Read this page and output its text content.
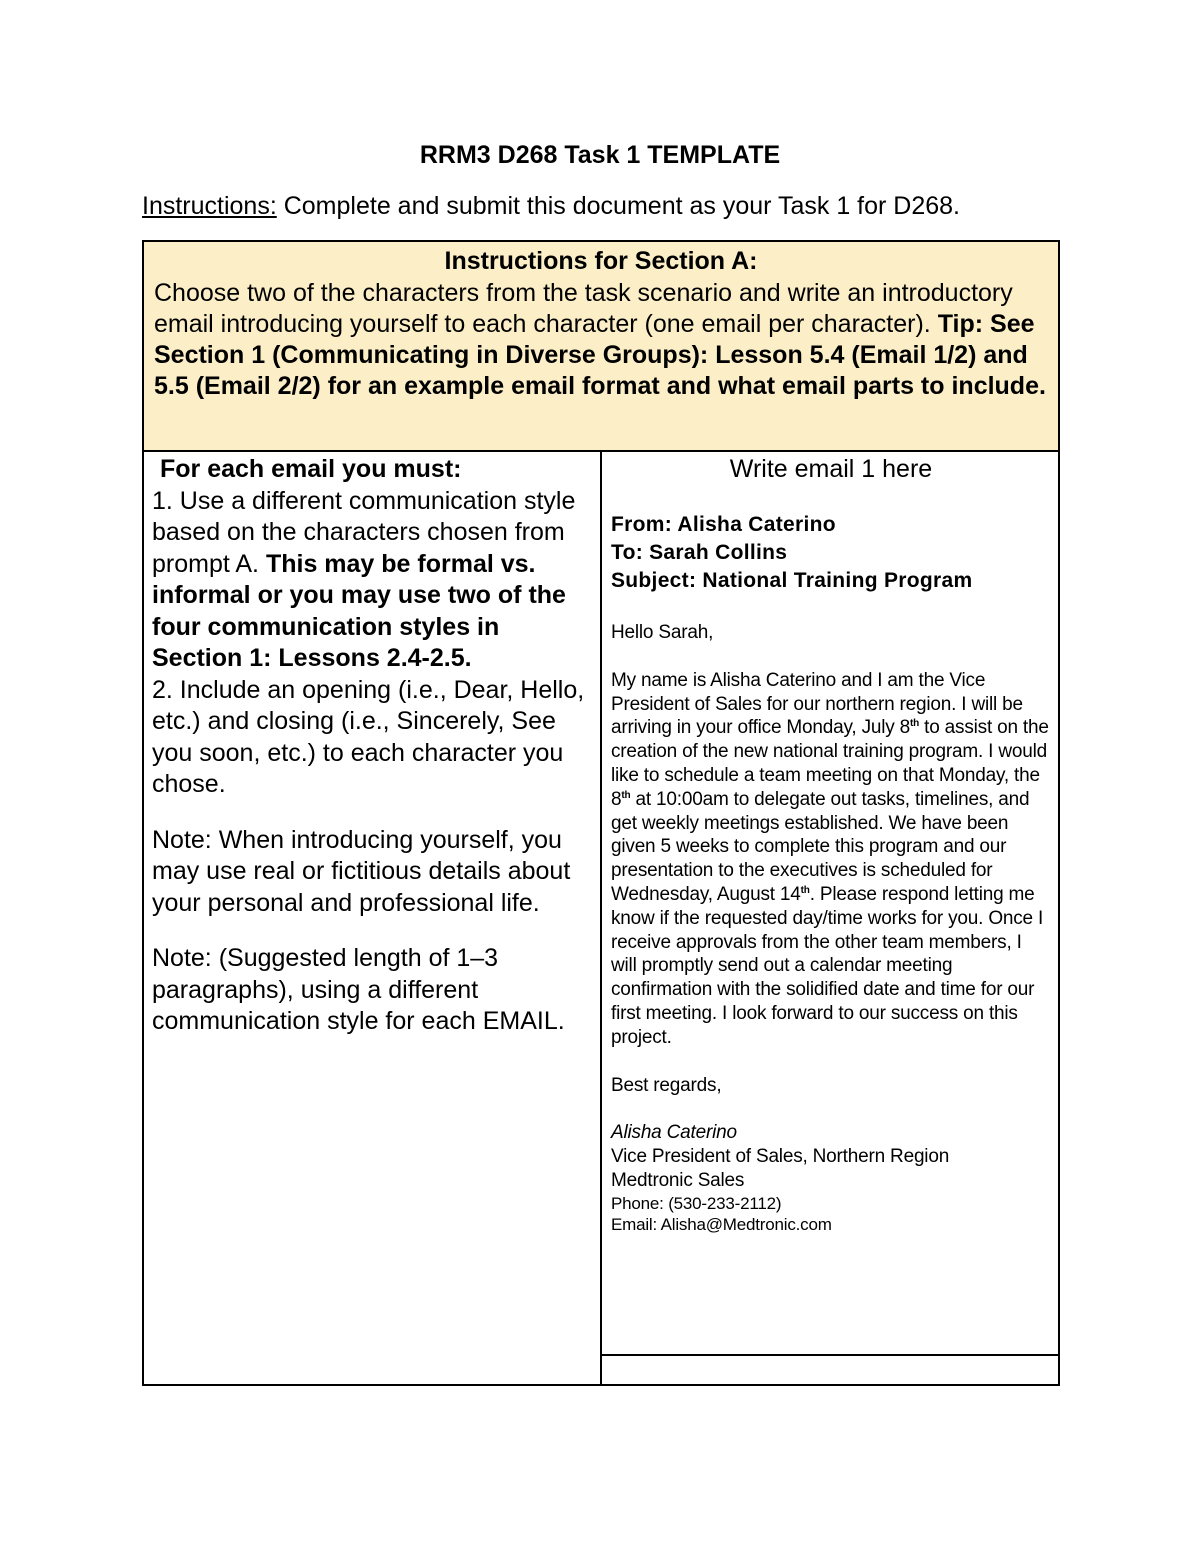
RRM3 D268 Task 1 TEMPLATE
Instructions: Complete and submit this document as your Task 1 for D268.
Instructions for Section A:
Choose two of the characters from the task scenario and write an introductory email introducing yourself to each character (one email per character). Tip: See Section 1 (Communicating in Diverse Groups): Lesson 5.4 (Email 1/2) and 5.5 (Email 2/2) for an example email format and what email parts to include.

For each email you must:

1. Use a different communication style based on the characters chosen from prompt A. This may be formal vs. informal or you may use two of the four communication styles in Section 1: Lessons 2.4-2.5.

2. Include an opening (i.e., Dear, Hello, etc.) and closing (i.e., Sincerely, See you soon, etc.) to each character you chose.

Note: When introducing yourself, you may use real or fictitious details about your personal and professional life.

Note: (Suggested length of 1–3 paragraphs), using a different communication style for each EMAIL.

Write email 1 here
From: Alisha Caterino
To: Sarah Collins
Subject: National Training Program
Hello Sarah,
My name is Alisha Caterino and I am the Vice President of Sales for our northern region. I will be arriving in your office Monday, July 8th to assist on the creation of the new national training program. I would like to schedule a team meeting on that Monday, the 8th at 10:00am to delegate out tasks, timelines, and get weekly meetings established. We have been given 5 weeks to complete this program and our presentation to the executives is scheduled for Wednesday, August 14th. Please respond letting me know if the requested day/time works for you. Once I receive approvals from the other team members, I will promptly send out a calendar meeting confirmation with the solidified date and time for our first meeting. I look forward to our success on this project.
Best regards,
Alisha Caterino
Vice President of Sales, Northern Region
Medtronic Sales
Phone: (530-233-2112)
Email: Alisha@Medtronic.com
